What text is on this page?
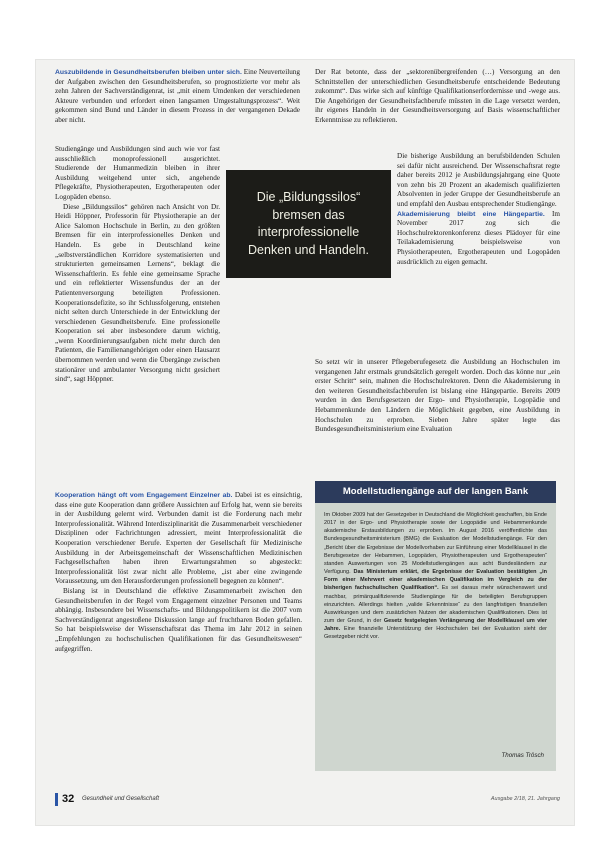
Auszubildende in Gesundheitsberufen bleiben unter sich. Eine Neuverteilung der Aufgaben zwischen den Gesundheitsberufen, so prognostizierte vor mehr als zehn Jahren der Sachverständigenrat, ist „mit einem Umdenken der verschiedenen Akteure verbunden und erfordert einen langsamen Umgestaltungsprozess“. Weit gekommen sind Bund und Länder in diesem Prozess in der vergangenen Dekade aber nicht.

Studiengänge und Ausbildungen sind auch wie vor fast ausschließlich monoprofessionell ausgerichtet. Studierende der Humanmedizin bleiben in ihrer Ausbildung weitgehend unter sich, angehende Pflegekräfte, Physiotherapeuten, Ergotherapeuten oder Logopäden ebenso.

Diese „Bildungssilos“ gehören nach Ansicht von Dr. Heidi Höppner, Professorin für Physiotherapie an der Alice Salomon Hochschule in Berlin, zu den größten Bremsen für ein interprofessionelles Denken und Handeln. Es gebe in Deutschland keine „selbstverständlichen Korridore systematisierten und strukturierten gemeinsamen Lernens“, beklagt die Wissenschaftlerin. Es fehle eine gemeinsame Sprache und ein reflektierter Wissensfundus der an der Patientenversorgung beteiligten Professionen. Kooperationsdefizite, so ihr Schlussfolgerung, entstehen nicht selten durch Unterschiede in der Entwicklung der verschiedenen Gesundheitsberufe. Eine professionelle Kooperation sei aber insbesondere darum wichtig, „wenn Koordinierungsaufgaben nicht mehr durch den Patienten, die Familienangehörigen oder einen Hausarzt übernommen werden und wenn die Übergänge zwischen stationärer und ambulanter Versorgung nicht gesichert sind“, sagt Höppner.

Die „Bildungssilos“
bremsen das
interprofessionelle
Denken und Handeln.

Kooperation hängt oft vom Engagement Einzelner ab. Dabei ist es einsichtig, dass eine gute Kooperation dann größere Aussichten auf Erfolg hat, wenn sie bereits in der Ausbildung gelernt wird. Verbunden damit ist die Forderung nach mehr Interprofessionalität. Während Interdisziplinarität die Zusammenarbeit verschiedener Disziplinen oder Fachrichtungen adressiert, meint Interprofessionalität die Kooperation verschiedener Berufe. Experten der Gesellschaft für Medizinische Ausbildung in der Arbeitsgemeinschaft der Wissenschaftlichen Medizinischen Fachgesellschaften haben ihren Erwartungsrahmen so abgesteckt: Interprofessionalität löst zwar nicht alle Probleme, „ist aber eine zwingende Voraussetzung, um den Herausforderungen professionell begegnen zu können“.

Bislang ist in Deutschland die effektive Zusammenarbeit zwischen den Gesundheitsberufen in der Regel vom Engagement einzelner Personen und Teams abhängig. Insbesondere bei Wissenschafts- und Bildungspolitikern ist die 2007 vom Sachverständigenrat angestoßene Diskussion lange auf fruchtbaren Boden gefallen. So hat beispielsweise der Wissenschaftsrat das Thema im Jahr 2012 in seinen „Empfehlungen zu hochschulischen Qualifikationen für das Gesundheitswesen“ aufgegriffen.

Der Rat betonte, dass der „sektorenübergreifenden (…) Versorgung an den Schnittstellen der unterschiedlichen Gesundheitsberufe entscheidende Bedeutung zukommt“. Das wirke sich auf künftige Qualifikationserfordernisse und -wege aus. Die Angehörigen der Gesundheitsfachberufe müssten in die Lage versetzt werden, ihr eigenes Handeln in der Gesundheitsversorgung auf Basis wissenschaftlicher Erkenntnisse zu reflektieren.

Die bisherige Ausbildung an berufsbildenden Schulen sei dafür nicht ausreichend. Der Wissenschaftsrat regte daher bereits 2012 je Ausbildungsjahrgang eine Quote von zehn bis 20 Prozent an akademisch qualifizierten Absolventen in jeder Gruppe der Gesundheitsberufe an und empfahl den Ausbau entsprechender Studiengänge.

Akademisierung bleibt eine Hängepartie. Im November 2017 zog sich die Hochschulrektorenkonferenz dieses Plädoyer für eine Teilakademisierung beispielsweise von Physiotherapeuten, Ergotherapeuten und Logopäden ausdrücklich zu eigen gemacht.

So setzt wir in unserer Pflegeberufegesetz die Ausbildung an Hochschulen im vergangenen Jahr erstmals grundsätzlich geregelt worden. Doch das könne nur „ein erster Schritt“ sein, mahnen die Hochschulrektoren. Denn die Akademisierung in den weiteren Gesundheitsfachberufen ist bislang eine Hängepartie. Bereits 2009 wurden in den Berufsgesetzen der Ergo- und Physiotherapie, Logopädie und Hebammenkunde den Ländern die Möglichkeit gegeben, eine Ausbildung in Hochschulen zu erproben. Sieben Jahre später legte das Bundesgesundheitsministerium eine Evaluation

Modellstudiengänge auf der langen Bank
Im Oktober 2009 hat der Gesetzgeber in Deutschland die Möglichkeit geschaffen, bis Ende 2017 in der Ergo- und Physiotherapie sowie der Logopädie und Hebammenkunde akademische Erstausbildungen zu erproben. Im August 2016 veröffentlichte das Bundesgesundheitsministerium (BMG) die Evaluation der Modellstudiengänge. Für den „Bericht über die Ergebnisse der Modellvorhaben zur Einführung einer Modellklausel in die Berufsgesetze der Hebammen, Logopäden, Physiotherapeuten und Ergotherapeuten“ standen Auswertungen von 25 Modellstudiengängen aus acht Bundesländern zur Verfügung. Das Ministerium erklärt, die Ergebnisse der Evaluation bestätigten „in Form einer Mehrwert einer akademischen Qualifikation im Vergleich zu der bisherigen fachschulischen Qualifikation“. Es sei daraus mehr wünschenswert und machbar, primärqualifizierende Studiengänge für die beteiligten Berufsgruppen einzurichten. Allerdings hielten „valide Erkenntnisse“ zu den langfristigen finanziellen Auswirkungen und dem zusätzlichen Nutzen der akademischen Qualifikationen. Dies ist zum der Grund, in der Gesetz festgelegten Verlängerung der Modellklausel um vier Jahre. Eine finanzielle Unterstützung der Hochschulen bei der Evaluation sieht der Gesetzgeber nicht vor.
Thomas Trösch
32 Gesundheit und Gesellschaft	Ausgabe 2/18, 21. Jahrgang
